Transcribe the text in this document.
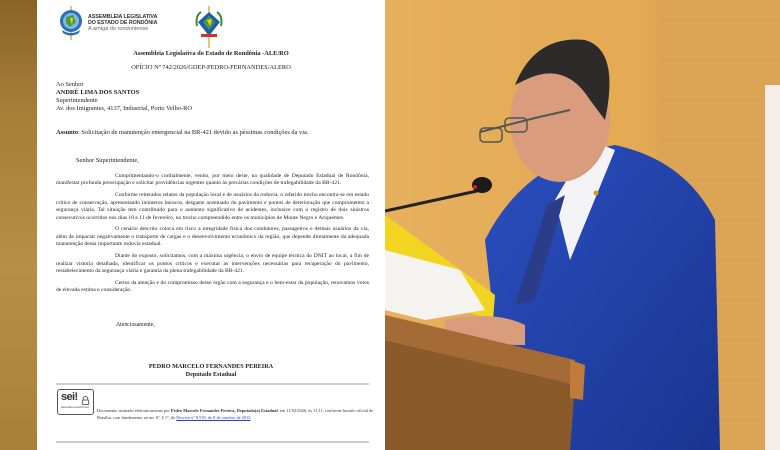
ASSEMBLEIA LEGISLATIVA
DO ESTADO DE RONDÔNIA
A amiga do rondoniense
Assembleia Legislativa do Estado de Rondônia -ALE/RO
OFÍCIO Nº 742/2026/GDEP-PEDRO-FERNANDES/ALERO
Ao Senhor
ANDRÉ LIMA DOS SANTOS
Superintendente
Av. dos Imigrantes, 4137, Industrial, Porto Velho-RO
Assunto: Solicitação de manutenção emergencial na BR-421 devido as péssimas condições da via.
Senhor Superintendente,

Cumprimentando-o cordialmente, venho, por meio deste, na qualidade de Deputado Estadual de Rondônia, manifestar profunda preocupação e solicitar providências urgentes quanto às precárias condições de trafegabilidade da BR-421.

Conforme reiterados relatos da população local e de usuários da rodovia, o referido trecho encontra-se em estado crítico de conservação, apresentando inúmeros buracos, desgaste acentuado do pavimento e pontos de deterioração que comprometem a segurança viária. Tal situação tem contribuído para o aumento significativo de acidentes, inclusive com o registro de dois sinistros consecutivos ocorridos nos dias 10 e 11 de fevereiro, no trecho compreendido entre os municípios de Monte Negro e Ariquemes.

O cenário descrito coloca em risco a integridade física dos condutores, passageiros e demais usuários da via, além de impactar negativamente o transporte de cargas e o desenvolvimento econômico da região, que depende diretamente da adequada manutenção dessa importante rodovia estadual.

Diante do exposto, solicitamos, com a máxima urgência, o envio de equipe técnica do DNIT ao local, a fim de realizar vistoria detalhada, identificar os pontos críticos e executar as intervenções necessárias para recuperação do pavimento, restabelecimento da segurança viária e garantia da plena trafegabilidade da BR-421.

Certos da atenção e do compromisso desse órgão com a segurança e o bem-estar da população, renovamos votos de elevada estima e consideração.

Atenciosamente,
PEDRO MARCELO FERNANDES PEREIRA
Deputado Estadual
sei!
assinatura eletrônica
Documento assinado eletronicamente por Pedro Marcelo Fernandes Pereira, Deputado(a) Estadual, em 11/02/2026, às 11:11, conforme horário oficial de Brasília, com fundamento no art. 6º, § 1º, do Decreto nº 8.539, de 8 de outubro de 2015.
